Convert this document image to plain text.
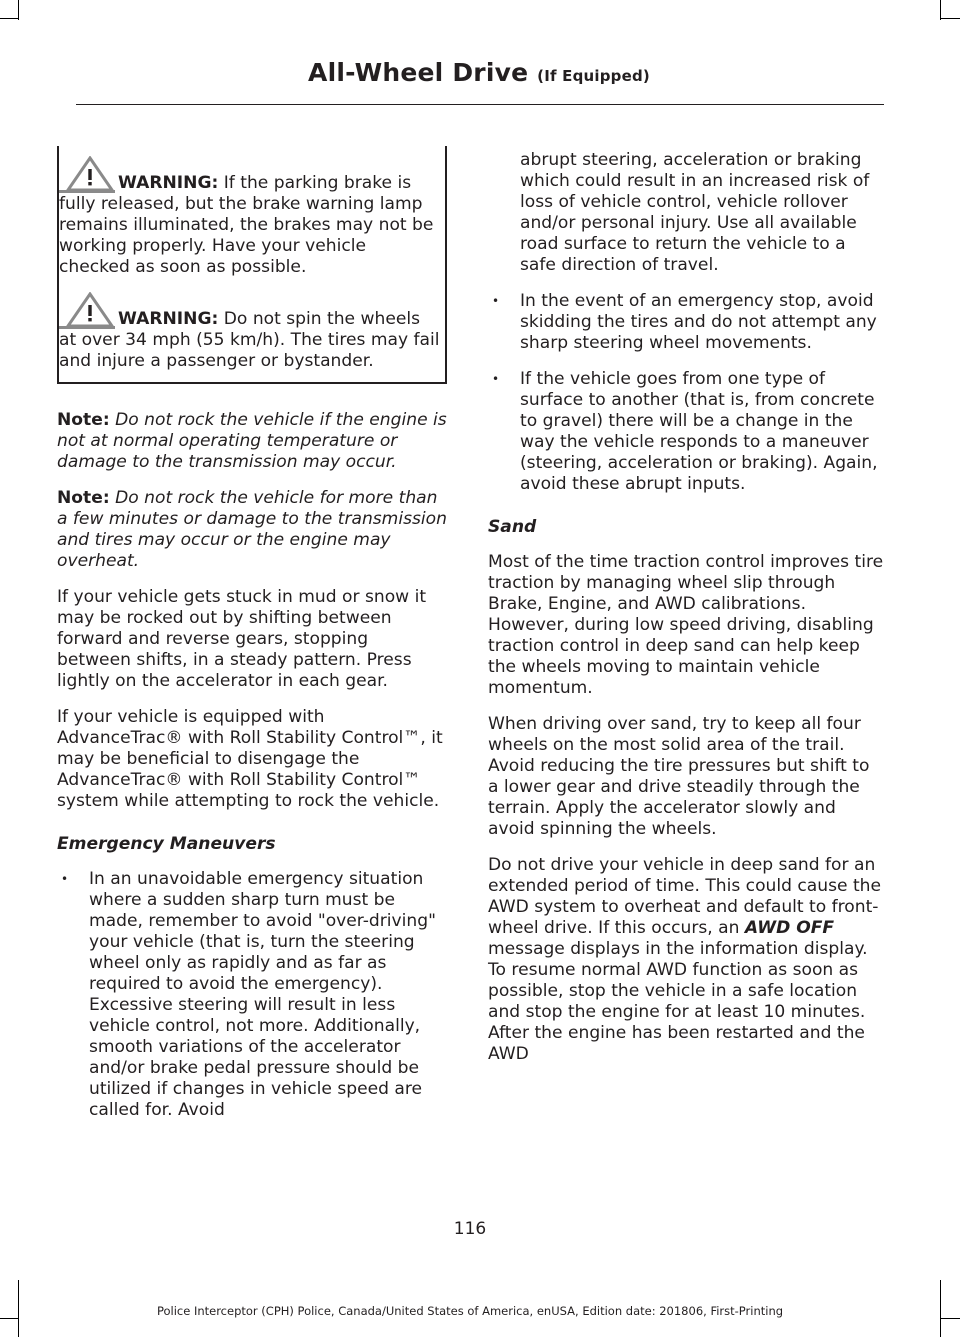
All-Wheel Drive (If Equipped)

WARNING: If the parking brake is fully released, but the brake warning lamp remains illuminated, the brakes may not be working properly. Have your vehicle checked as soon as possible.

WARNING: Do not spin the wheels at over 34 mph (55 km/h). The tires may fail and injure a passenger or bystander.

Note: Do not rock the vehicle if the engine is not at normal operating temperature or damage to the transmission may occur.

Note: Do not rock the vehicle for more than a few minutes or damage to the transmission and tires may occur or the engine may overheat.

If your vehicle gets stuck in mud or snow it may be rocked out by shifting between forward and reverse gears, stopping between shifts, in a steady pattern. Press lightly on the accelerator in each gear.

If your vehicle is equipped with AdvanceTrac® with Roll Stability Control™, it may be beneficial to disengage the AdvanceTrac® with Roll Stability Control™ system while attempting to rock the vehicle.

Emergency Maneuvers
• In an unavoidable emergency situation where a sudden sharp turn must be made, remember to avoid "over-driving" your vehicle (that is, turn the steering wheel only as rapidly and as far as required to avoid the emergency). Excessive steering will result in less vehicle control, not more. Additionally, smooth variations of the accelerator and/or brake pedal pressure should be utilized if changes in vehicle speed are called for. Avoid

abrupt steering, acceleration or braking which could result in an increased risk of loss of vehicle control, vehicle rollover and/or personal injury. Use all available road surface to return the vehicle to a safe direction of travel.

• In the event of an emergency stop, avoid skidding the tires and do not attempt any sharp steering wheel movements.
• If the vehicle goes from one type of surface to another (that is, from concrete to gravel) there will be a change in the way the vehicle responds to a maneuver (steering, acceleration or braking). Again, avoid these abrupt inputs.
Sand

Most of the time traction control improves tire traction by managing wheel slip through Brake, Engine, and AWD calibrations. However, during low speed driving, disabling traction control in deep sand can help keep the wheels moving to maintain vehicle momentum.

When driving over sand, try to keep all four wheels on the most solid area of the trail. Avoid reducing the tire pressures but shift to a lower gear and drive steadily through the terrain. Apply the accelerator slowly and avoid spinning the wheels.

Do not drive your vehicle in deep sand for an extended period of time. This could cause the AWD system to overheat and default to front-wheel drive. If this occurs, an AWD OFF message displays in the information display. To resume normal AWD function as soon as possible, stop the vehicle in a safe location and stop the engine for at least 10 minutes. After the engine has been restarted and the AWD

116
Police Interceptor (CPH) Police, Canada/United States of America, enUSA, Edition date: 201806, First-Printing
